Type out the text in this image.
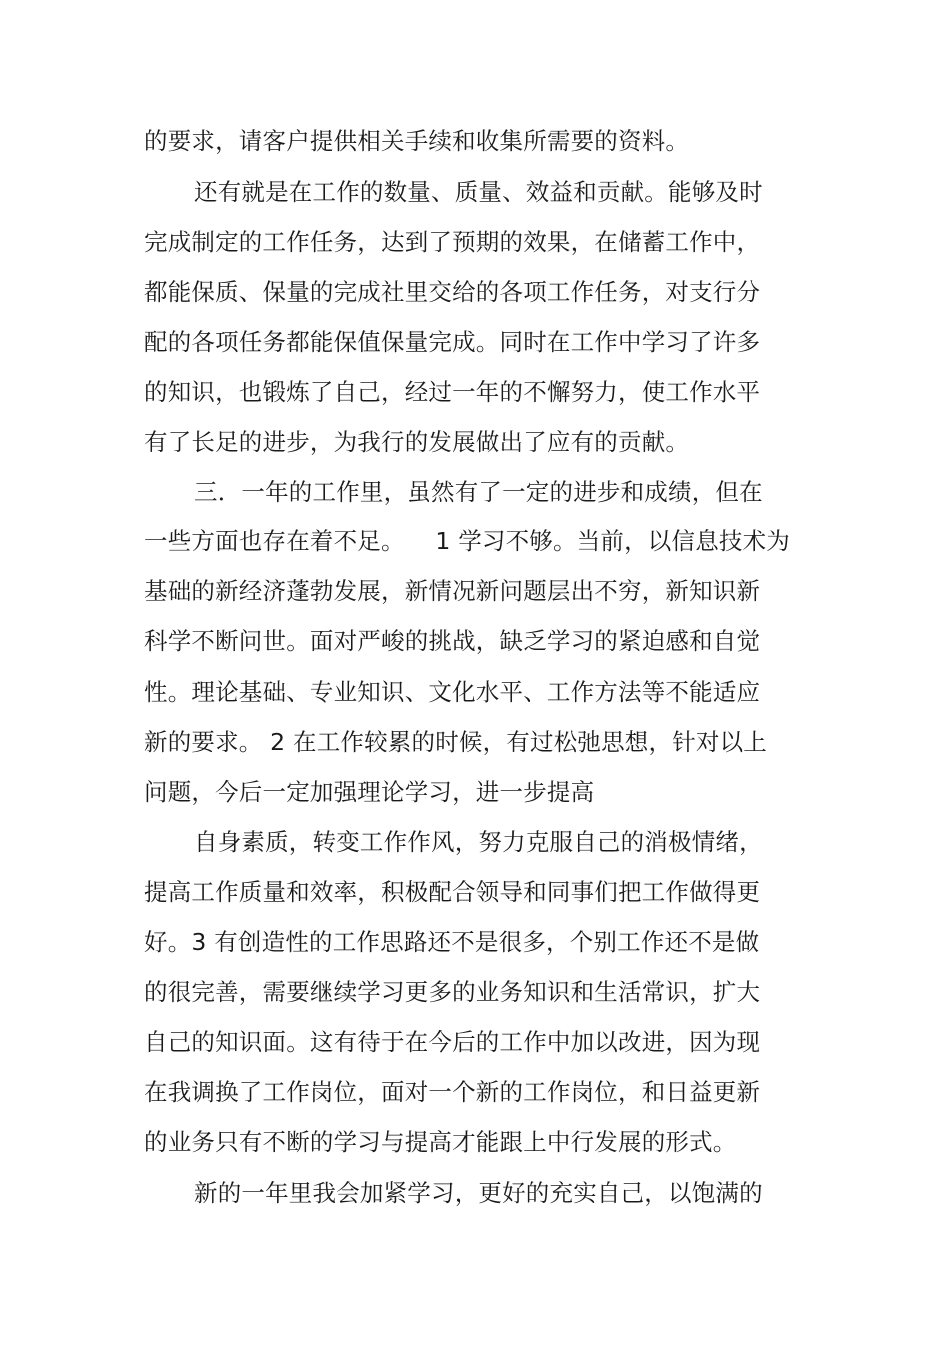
的要求，请客户提供相关手续和收集所需要的资料。
还有就是在工作的数量、质量、效益和贡献。能够及时
完成制定的工作任务，达到了预期的效果，在储蓄工作中，
都能保质、保量的完成社里交给的各项工作任务，对支行分
配的各项任务都能保值保量完成。同时在工作中学习了许多
的知识，也锻炼了自己，经过一年的不懈努力，使工作水平
有了长足的进步，为我行的发展做出了应有的贡献。
三．一年的工作里，虽然有了一定的进步和成绩，但在
一些方面也存在着不足。    1 学习不够。当前，以信息技术为
基础的新经济蓬勃发展，新情况新问题层出不穷，新知识新
科学不断问世。面对严峻的挑战，缺乏学习的紧迫感和自觉
性。理论基础、专业知识、文化水平、工作方法等不能适应
新的要求。 2 在工作较累的时候，有过松弛思想，针对以上
问题，今后一定加强理论学习，进一步提高
自身素质，转变工作作风，努力克服自己的消极情绪，
提高工作质量和效率，积极配合领导和同事们把工作做得更
好。3 有创造性的工作思路还不是很多，个别工作还不是做
的很完善，需要继续学习更多的业务知识和生活常识，扩大
自己的知识面。这有待于在今后的工作中加以改进，因为现
在我调换了工作岗位，面对一个新的工作岗位，和日益更新
的业务只有不断的学习与提高才能跟上中行发展的形式。
新的一年里我会加紧学习，更好的充实自己，以饱满的
